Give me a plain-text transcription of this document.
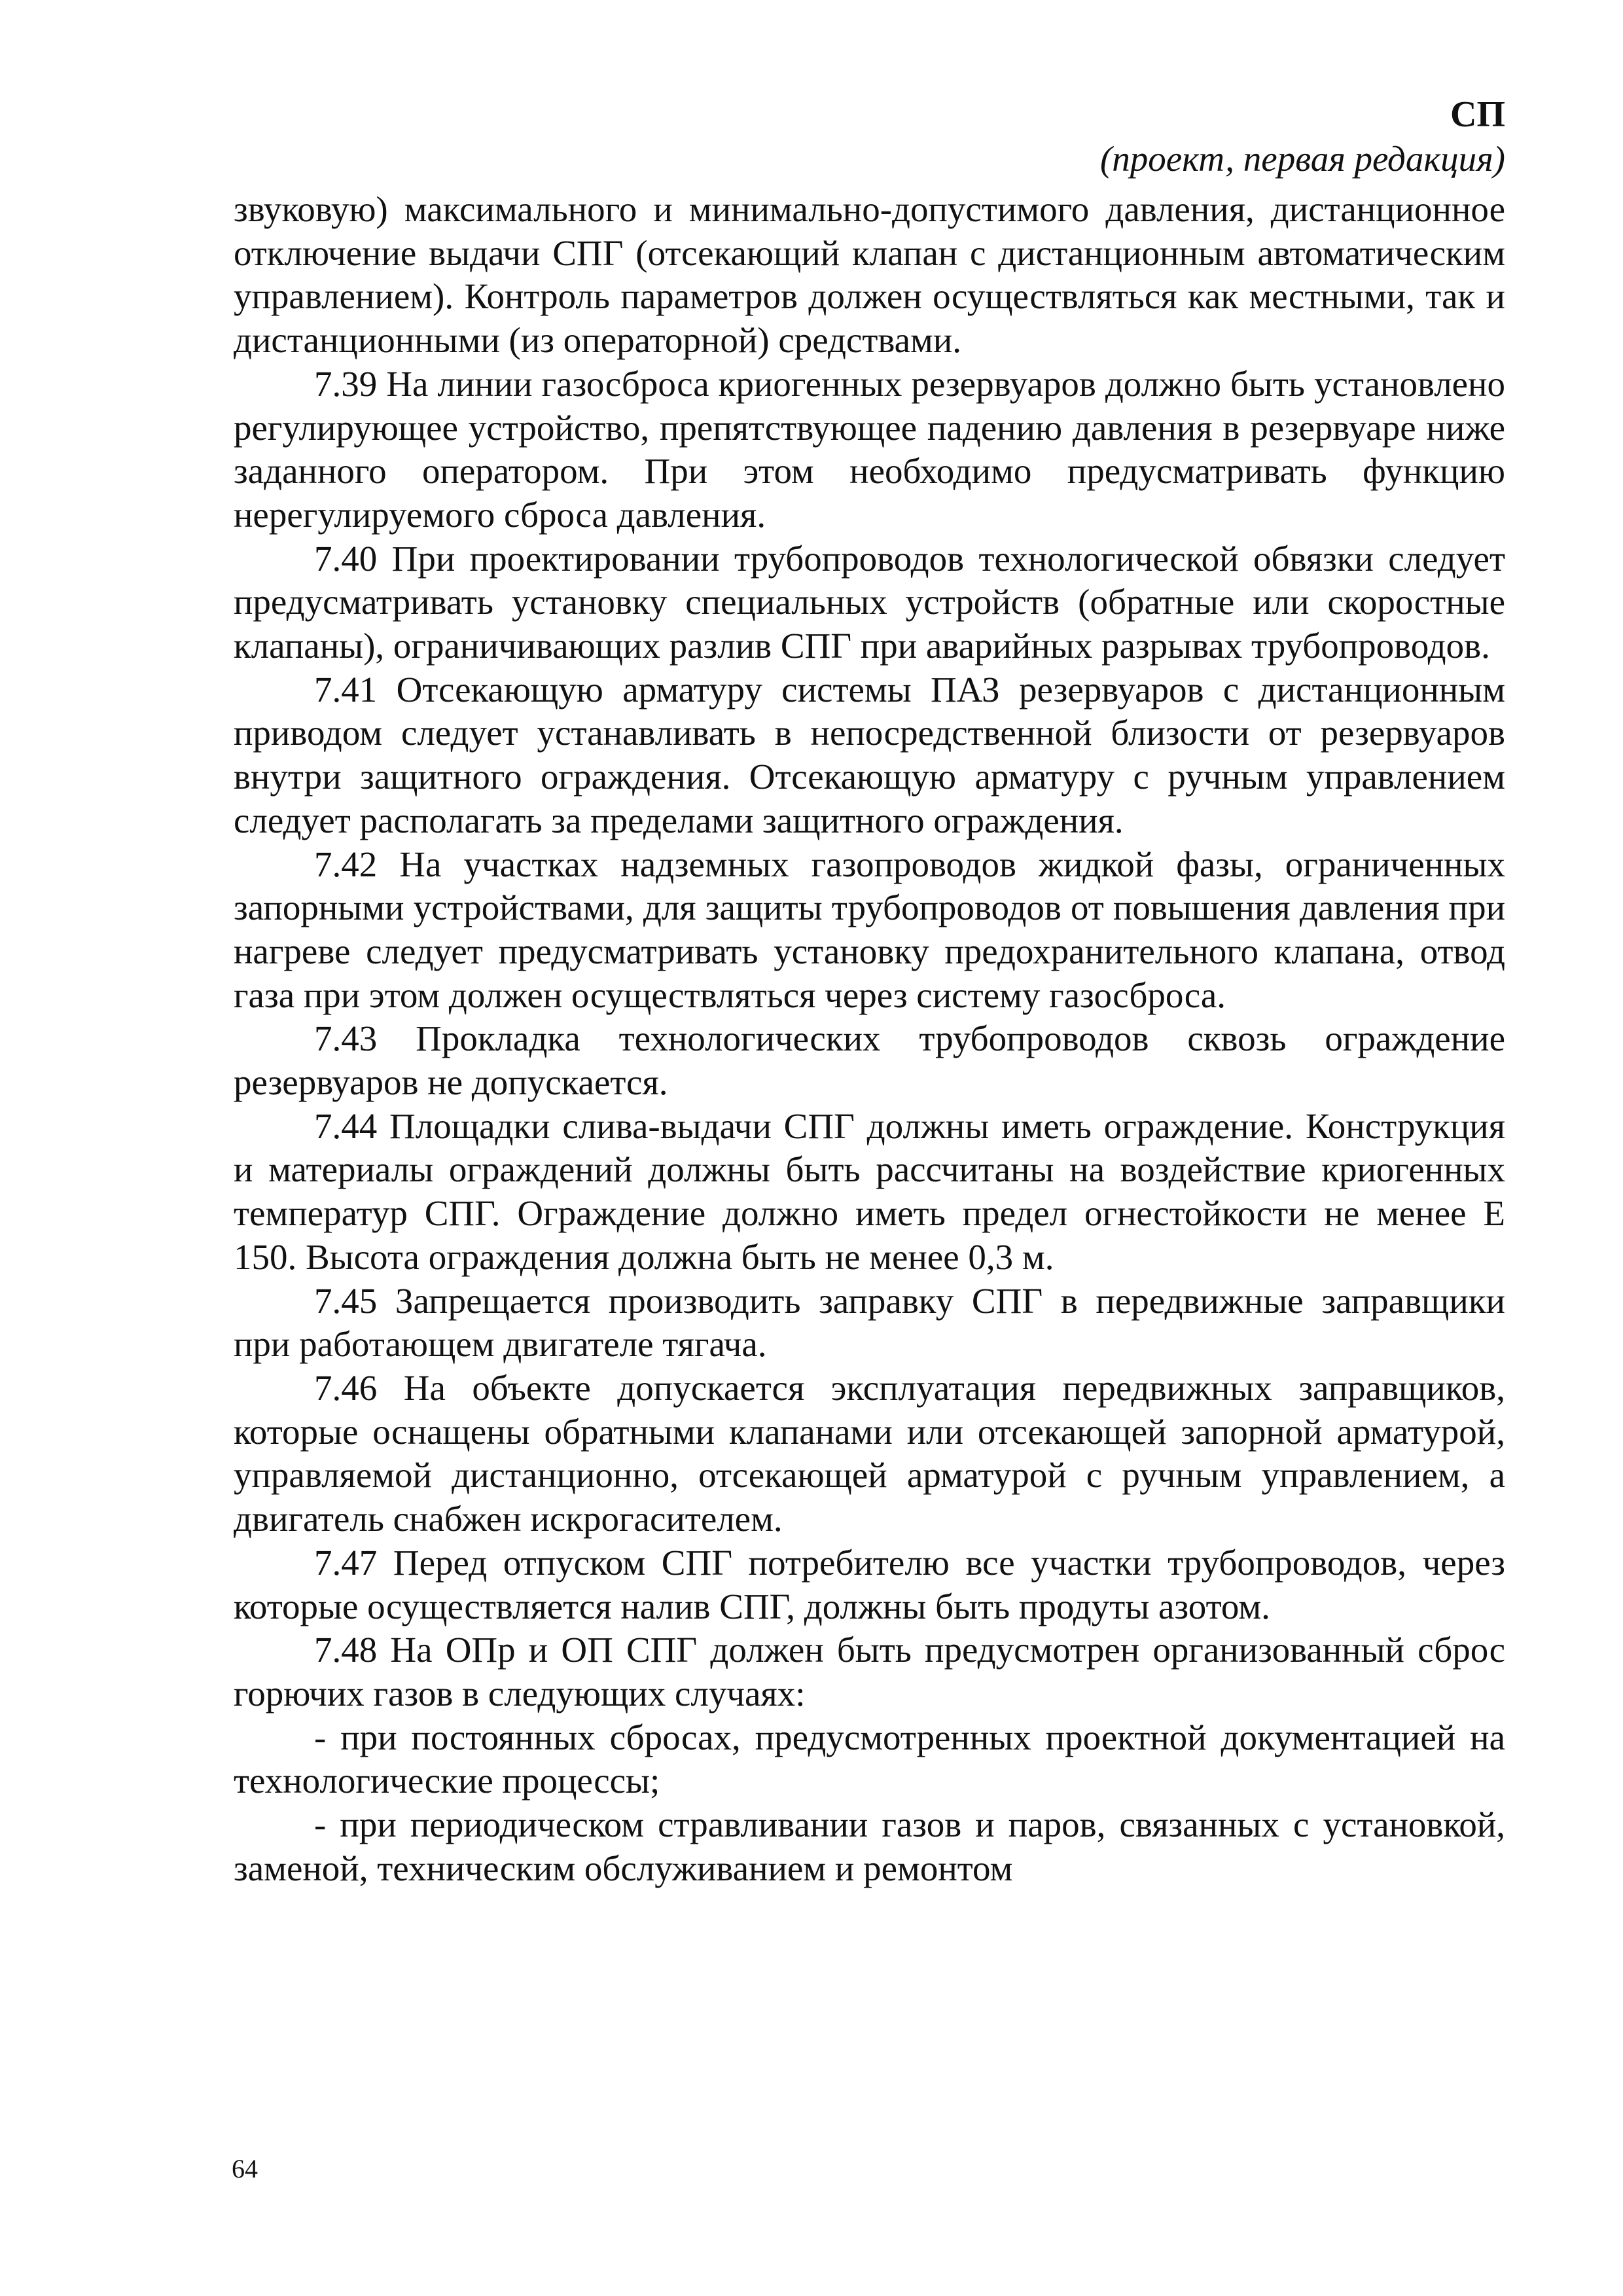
СП
(проект, первая редакция)

звуковую) максимального и минимально-допустимого давления, дистанционное отключение выдачи СПГ (отсекающий клапан с дистанционным автоматическим управлением). Контроль параметров должен осуществляться как местными, так и дистанционными (из операторной) средствами.

7.39 На линии газосброса криогенных резервуаров должно быть установлено регулирующее устройство, препятствующее падению давления в резервуаре ниже заданного оператором. При этом необходимо предусматривать функцию нерегулируемого сброса давления.

7.40 При проектировании трубопроводов технологической обвязки следует предусматривать установку специальных устройств (обратные или скоростные клапаны), ограничивающих разлив СПГ при аварийных разрывах трубопроводов.

7.41 Отсекающую арматуру системы ПАЗ резервуаров с дистанционным приводом следует устанавливать в непосредственной близости от резервуаров внутри защитного ограждения. Отсекающую арматуру с ручным управлением следует располагать за пределами защитного ограждения.

7.42 На участках надземных газопроводов жидкой фазы, ограниченных запорными устройствами, для защиты трубопроводов от повышения давления при нагреве следует предусматривать установку предохранительного клапана, отвод газа при этом должен осуществляться через систему газосброса.

7.43 Прокладка технологических трубопроводов сквозь ограждение резервуаров не допускается.

7.44 Площадки слива-выдачи СПГ должны иметь ограждение. Конструкция и материалы ограждений должны быть рассчитаны на воздействие криогенных температур СПГ. Ограждение должно иметь предел огнестойкости не менее Е 150. Высота ограждения должна быть не менее 0,3 м.

7.45 Запрещается производить заправку СПГ в передвижные заправщики при работающем двигателе тягача.

7.46 На объекте допускается эксплуатация передвижных заправщиков, которые оснащены обратными клапанами или отсекающей запорной арматурой, управляемой дистанционно, отсекающей арматурой с ручным управлением, а двигатель снабжен искрогасителем.

7.47 Перед отпуском СПГ потребителю все участки трубопроводов, через которые осуществляется налив СПГ, должны быть продуты азотом.

7.48 На ОПр и ОП СПГ должен быть предусмотрен организованный сброс горючих газов в следующих случаях:

- при постоянных сбросах, предусмотренных проектной документацией на технологические процессы;

- при периодическом стравливании газов и паров, связанных с установкой, заменой, техническим обслуживанием и ремонтом

64
